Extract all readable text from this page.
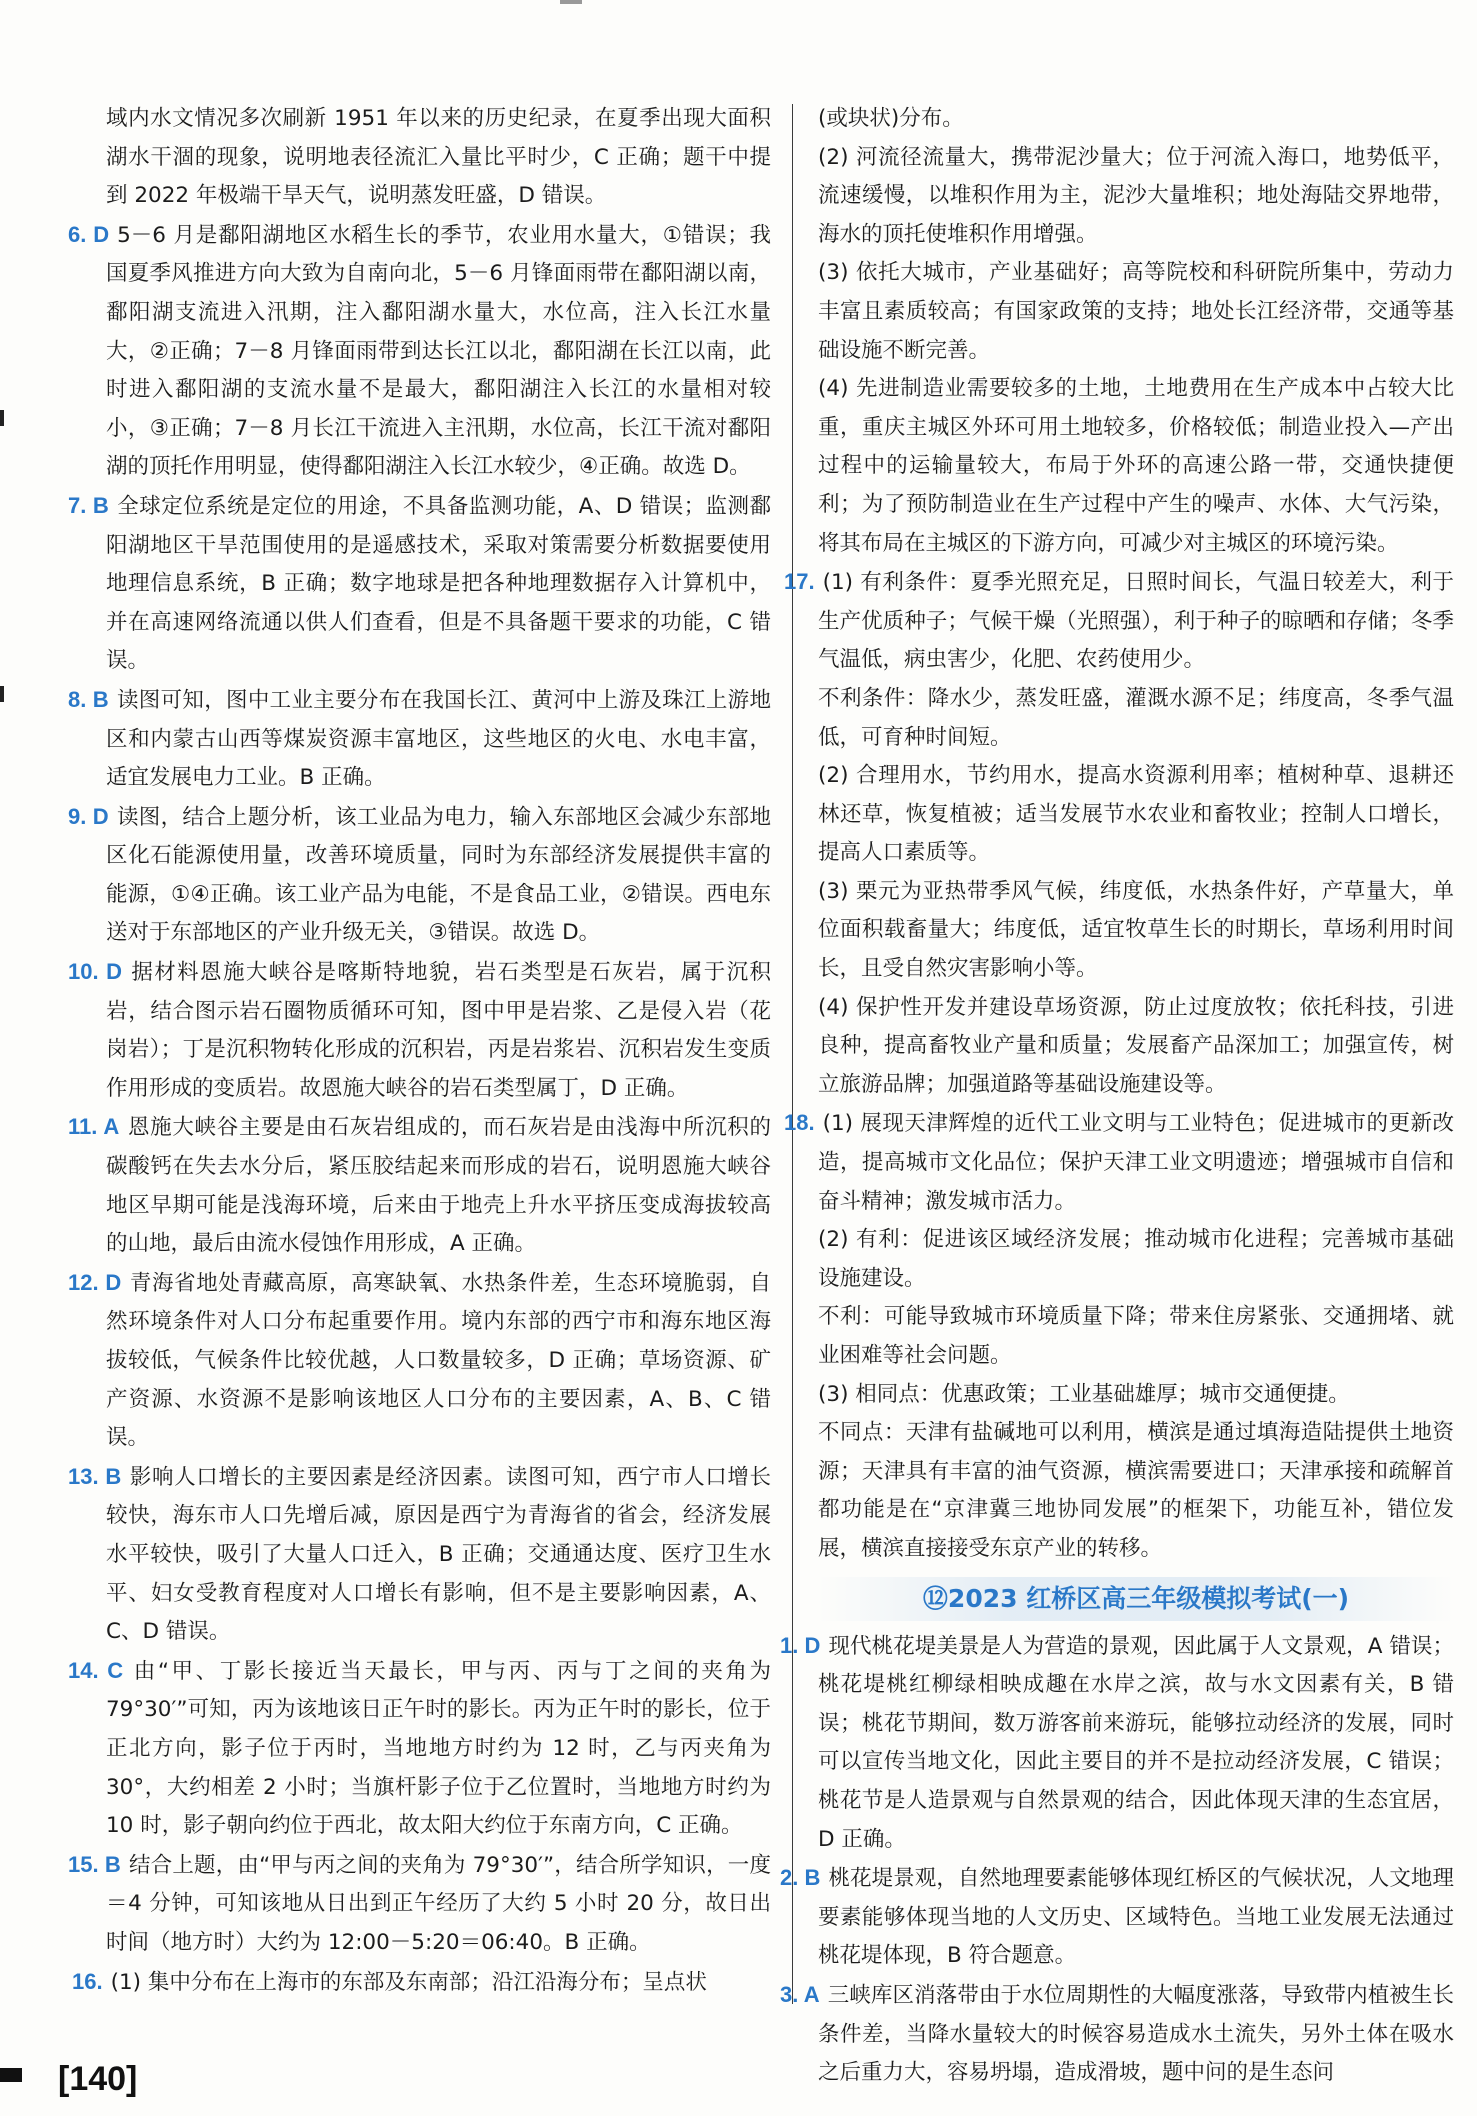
域内水文情况多次刷新 1951 年以来的历史纪录，在夏季出现大面积湖水干涸的现象，说明地表径流汇入量比平时少，C 正确；题干中提到 2022 年极端干旱天气，说明蒸发旺盛，D 错误。

6. D 5－6 月是鄱阳湖地区水稻生长的季节，农业用水量大，①错误；我国夏季风推进方向大致为自南向北，5－6 月锋面雨带在鄱阳湖以南，鄱阳湖支流进入汛期，注入鄱阳湖水量大，水位高，注入长江水量大，②正确；7－8 月锋面雨带到达长江以北，鄱阳湖在长江以南，此时进入鄱阳湖的支流水量不是最大，鄱阳湖注入长江的水量相对较小，③正确；7－8 月长江干流进入主汛期，水位高，长江干流对鄱阳湖的顶托作用明显，使得鄱阳湖注入长江水较少，④正确。故选 D。

7. B 全球定位系统是定位的用途，不具备监测功能，A、D 错误；监测鄱阳湖地区干旱范围使用的是遥感技术，采取对策需要分析数据要使用地理信息系统，B 正确；数字地球是把各种地理数据存入计算机中，并在高速网络流通以供人们查看，但是不具备题干要求的功能，C 错误。

8. B 读图可知，图中工业主要分布在我国长江、黄河中上游及珠江上游地区和内蒙古山西等煤炭资源丰富地区，这些地区的火电、水电丰富，适宜发展电力工业。B 正确。

9. D 读图，结合上题分析，该工业品为电力，输入东部地区会减少东部地区化石能源使用量，改善环境质量，同时为东部经济发展提供丰富的能源，①④正确。该工业产品为电能，不是食品工业，②错误。西电东送对于东部地区的产业升级无关，③错误。故选 D。

10. D 据材料恩施大峡谷是喀斯特地貌，岩石类型是石灰岩，属于沉积岩，结合图示岩石圈物质循环可知，图中甲是岩浆、乙是侵入岩（花岗岩）；丁是沉积物转化形成的沉积岩，丙是岩浆岩、沉积岩发生变质作用形成的变质岩。故恩施大峡谷的岩石类型属丁，D 正确。

11. A 恩施大峡谷主要是由石灰岩组成的，而石灰岩是由浅海中所沉积的碳酸钙在失去水分后，紧压胶结起来而形成的岩石，说明恩施大峡谷地区早期可能是浅海环境，后来由于地壳上升水平挤压变成海拔较高的山地，最后由流水侵蚀作用形成，A 正确。

12. D 青海省地处青藏高原，高寒缺氧、水热条件差，生态环境脆弱，自然环境条件对人口分布起重要作用。境内东部的西宁市和海东地区海拔较低，气候条件比较优越，人口数量较多，D 正确；草场资源、矿产资源、水资源不是影响该地区人口分布的主要因素，A、B、C 错误。

13. B 影响人口增长的主要因素是经济因素。读图可知，西宁市人口增长较快，海东市人口先增后减，原因是西宁为青海省的省会，经济发展水平较快，吸引了大量人口迁入，B 正确；交通通达度、医疗卫生水平、妇女受教育程度对人口增长有影响，但不是主要影响因素，A、C、D 错误。

14. C 由“甲、丁影长接近当天最长，甲与丙、丙与丁之间的夹角为 79°30′”可知，丙为该地该日正午时的影长。丙为正午时的影长，位于正北方向，影子位于丙时，当地地方时约为 12 时，乙与丙夹角为 30°，大约相差 2 小时；当旗杆影子位于乙位置时，当地地方时约为 10 时，影子朝向约位于西北，故太阳大约位于东南方向，C 正确。

15. B 结合上题，由“甲与丙之间的夹角为 79°30′”，结合所学知识，一度＝4 分钟，可知该地从日出到正午经历了大约 5 小时 20 分，故日出时间（地方时）大约为 12:00－5:20＝06:40。B 正确。

16. (1) 集中分布在上海市的东部及东南部；沿江沿海分布；呈点状

(或块状)分布。

(2) 河流径流量大，携带泥沙量大；位于河流入海口，地势低平，流速缓慢，以堆积作用为主，泥沙大量堆积；地处海陆交界地带，海水的顶托使堆积作用增强。

(3) 依托大城市，产业基础好；高等院校和科研院所集中，劳动力丰富且素质较高；有国家政策的支持；地处长江经济带，交通等基础设施不断完善。

(4) 先进制造业需要较多的土地，土地费用在生产成本中占较大比重，重庆主城区外环可用土地较多，价格较低；制造业投入—产出过程中的运输量较大，布局于外环的高速公路一带，交通快捷便利；为了预防制造业在生产过程中产生的噪声、水体、大气污染，将其布局在主城区的下游方向，可减少对主城区的环境污染。

17. (1) 有利条件：夏季光照充足，日照时间长，气温日较差大，利于生产优质种子；气候干燥（光照强），利于种子的晾晒和存储；冬季气温低，病虫害少，化肥、农药使用少。

不利条件：降水少，蒸发旺盛，灌溉水源不足；纬度高，冬季气温低，可育种时间短。

(2) 合理用水，节约用水，提高水资源利用率；植树种草、退耕还林还草，恢复植被；适当发展节水农业和畜牧业；控制人口增长，提高人口素质等。

(3) 栗元为亚热带季风气候，纬度低，水热条件好，产草量大，单位面积载畜量大；纬度低，适宜牧草生长的时期长，草场利用时间长，且受自然灾害影响小等。

(4) 保护性开发并建设草场资源，防止过度放牧；依托科技，引进良种，提高畜牧业产量和质量；发展畜产品深加工；加强宣传，树立旅游品牌；加强道路等基础设施建设等。

18. (1) 展现天津辉煌的近代工业文明与工业特色；促进城市的更新改造，提高城市文化品位；保护天津工业文明遗迹；增强城市自信和奋斗精神；激发城市活力。

(2) 有利：促进该区域经济发展；推动城市化进程；完善城市基础设施建设。

不利：可能导致城市环境质量下降；带来住房紧张、交通拥堵、就业困难等社会问题。

(3) 相同点：优惠政策；工业基础雄厚；城市交通便捷。

不同点：天津有盐碱地可以利用，横滨是通过填海造陆提供土地资源；天津具有丰富的油气资源，横滨需要进口；天津承接和疏解首都功能是在“京津冀三地协同发展”的框架下，功能互补，错位发展，横滨直接接受东京产业的转移。

⑫2023 红桥区高三年级模拟考试(一)

1. D 现代桃花堤美景是人为营造的景观，因此属于人文景观，A 错误；桃花堤桃红柳绿相映成趣在水岸之滨，故与水文因素有关，B 错误；桃花节期间，数万游客前来游玩，能够拉动经济的发展，同时可以宣传当地文化，因此主要目的并不是拉动经济发展，C 错误；桃花节是人造景观与自然景观的结合，因此体现天津的生态宜居，D 正确。

2. B 桃花堤景观，自然地理要素能够体现红桥区的气候状况，人文地理要素能够体现当地的人文历史、区域特色。当地工业发展无法通过桃花堤体现，B 符合题意。

3. A 三峡库区消落带由于水位周期性的大幅度涨落，导致带内植被生长条件差，当降水量较大的时候容易造成水土流失，另外土体在吸水之后重力大，容易坍塌，造成滑坡，题中问的是生态问

[140]
